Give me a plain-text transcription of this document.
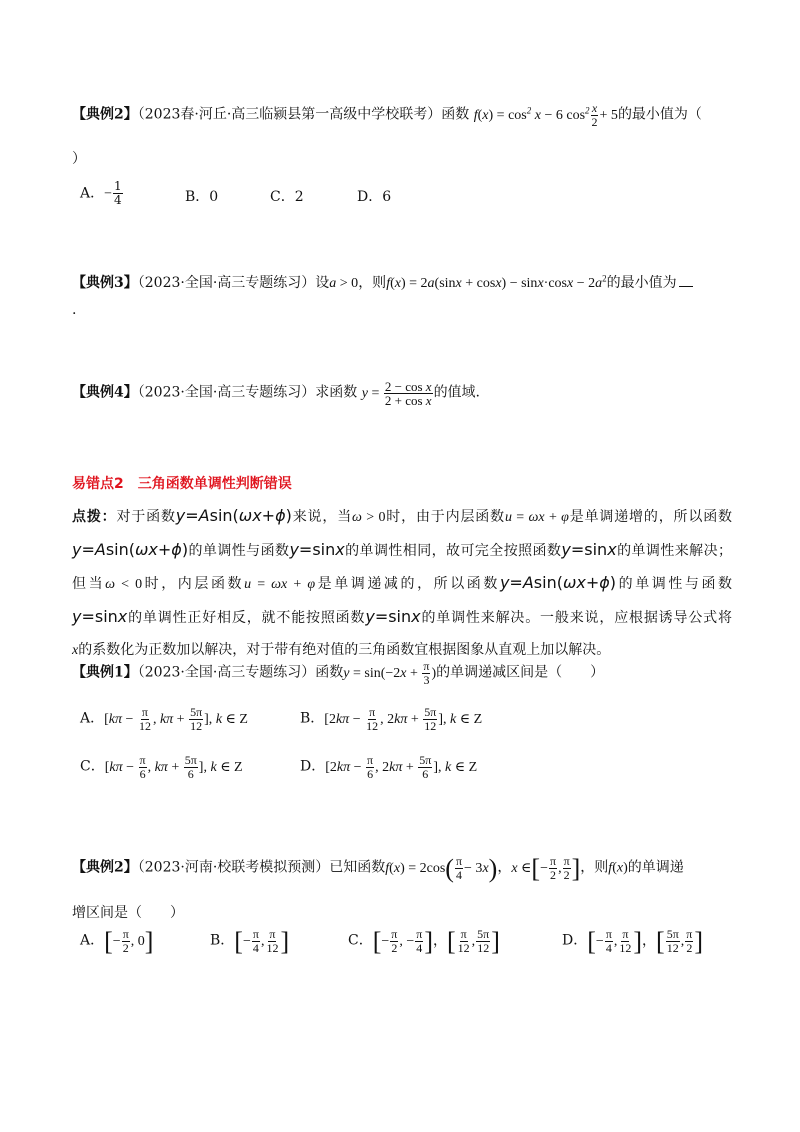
【典例2】（2023春·河丘·高三临颍县第一高级中学校联考）函数 $f(x) = \cos^2 x - 6$ $\cos^2 \frac{x}{2} + 5$的最小值为（
）
A．− $\frac{1}{4}$	B．0	C．2	D．6
【典例3】（2023·全国·高三专题练习）设a > 0，则$f(x) = 2a(\sin x + \cos x) - \sin x\cdot\cos x - 2a^2$的最小值为
.
【典例4】（2023·全国·高三专题练习）求函数 $y = \frac{\text{2 − cos x}}{\text{2 + cos x}}$ 的值域.
易错点2　三角函数单调性判断错误

点拨：对于函数y=Asin(ωx+ϕ)来说，当ω > 0时，由于内层函数u = ωx + φ是单调递增的，所以函数

y=Asin(ωx+ϕ)的单调性与函数y=sinx的单调性相同，故可完全按照函数y=sinx的单调性来解决；

但当ω < 0时，内层函数u = ωx + φ是单调递减的，所以函数y=Asin(ωx+ϕ)的单调性与函数

y=sinx的单调性正好相反，就不能按照函数y=sinx的单调性来解决。一般来说，应根据诱导公式将

x的系数化为正数加以解决，对于带有绝对值的三角函数宜根据图象从直观上加以解决。

【典例1】（2023·全国·高三专题练习）函数$y = \sin(-2x + \frac{\pi}{3}$ )的单调递减区间是（　　）
A．[$k\pi - \frac{\pi}{12}$ , $k\pi + \frac{5\pi}{12}$ ], k ∈ Z	B．[$2k\pi - \frac{\pi}{12}$ , $2k\pi + \frac{5\pi}{12}$ ], k ∈ Z
C．[$k\pi - \frac{\pi}{6}$ , $k\pi + \frac{5\pi}{6}$ ], k ∈ Z	D．[$2k\pi - \frac{\pi}{6}$ , $2k\pi + \frac{5\pi}{6}$ ], k ∈ Z
【典例2】（2023·河南·校联考模拟预测）已知函数$f(x) = 2\cos( \frac{\pi}{4} - 3x)$，x ∈[− $\frac{\pi}{2}$ , $\frac{\pi}{2}$ ]，则f(x)的单调递
增区间是（　　）
A．[− $\frac{\pi}{2}$ , 0]	B．[− $\frac{\pi}{4}$ , $\frac{\pi}{12}$ ]	C．[− $\frac{\pi}{2}$ , − $\frac{\pi}{4}$ ]，[ $\frac{\pi}{12}$ , $\frac{5\pi}{12}$ ]	D．[− $\frac{\pi}{4}$ , $\frac{\pi}{12}$ ]，[ $\frac{5\pi}{12}$ , $\frac{\pi}{2}$ ]
